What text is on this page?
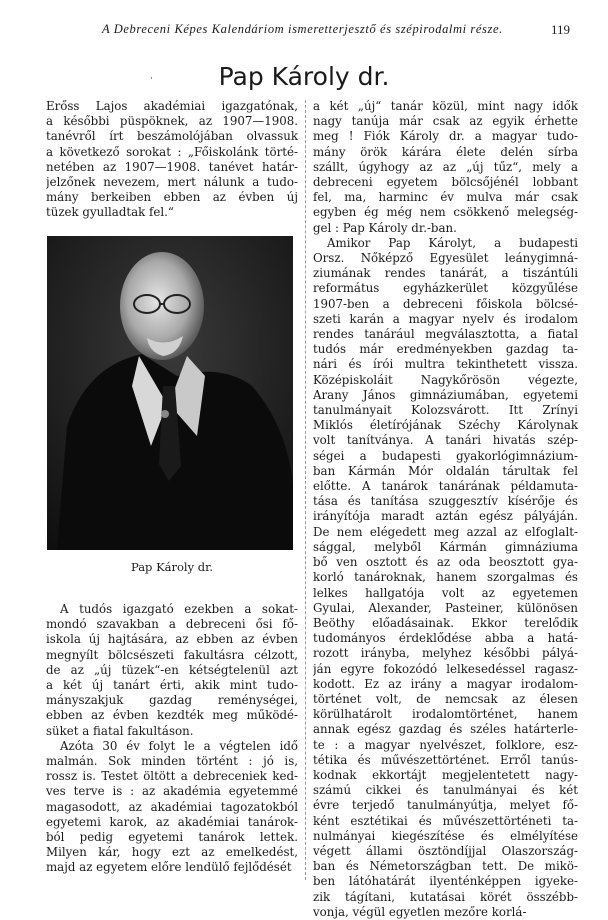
A Debreceni Képes Kalendáriom ismeretterjesztő és szépirodalmi része.	119
·	Pap Károly dr.
Erőss Lajos akadémiai igazgatónak,
a későbbi püspöknek, az 1907—1908.
tanévről írt beszámolójában olvassuk
a következő sorokat : „Főiskolánk törté-
netében az 1907—1908. tanévet határ-
jelzőnek nevezem, mert nálunk a tudo-
mány berkeiben ebben az évben új
tüzek gyulladtak fel.“
Pap Károly dr.

A tudós igazgató ezekben a sokat-
mondó szavakban a debreceni ősi fő-
iskola új hajtására, az ebben az évben
megnyílt bölcsészeti fakultásra célzott,
de az „új tüzek“-en kétségtelenül azt
a két új tanárt érti, akik mint tudo-
mányszakjuk gazdag reménységei,
ebben az évben kezdték meg működé-
süket a fiatal fakultáson.

Azóta 30 év folyt le a végtelen idő
malmán. Sok minden történt : jó is,
rossz is. Testet öltött a debreceniek ked-
ves terve is : az akadémia egyetemmé
magasodott, az akadémiai tagozatokból
egyetemi karok, az akadémiai tanárok-
ból pedig egyetemi tanárok lettek.
Milyen kár, hogy ezt az emelkedést,
majd az egyetem előre lendülő fejlődését

a két „új“ tanár közül, mint nagy idők
nagy tanúja már csak az egyik érhette
meg ! Fiók Károly dr. a magyar tudo-
mány örök kárára élete delén sírba
szállt, úgyhogy az az „új tűz“, mely a
debreceni egyetem bölcsőjénél lobbant
fel, ma, harminc év mulva már csak
egyben ég még nem csökkenő melegség-
gel : Pap Károly dr.-ban.

Amikor Pap Károlyt, a budapesti
Orsz. Nőképző Egyesület leánygimná-
ziumának rendes tanárát, a tiszántúli
református egyházkerület közgyűlése
1907-ben a debreceni főiskola bölcsé-
szeti karán a magyar nyelv és irodalom
rendes tanárául megválasztotta, a fiatal
tudós már eredményekben gazdag ta-
nári és írói multra tekinthetett vissza.
Középiskoláit Nagykőrösön végezte,
Arany János gimnáziumában, egyetemi
tanulmányait Kolozsvárott. Itt Zrínyi
Miklós életírójának Széchy Károlynak
volt tanítványa. A tanári hivatás szép-
ségei a budapesti gyakorlógimnázium-
ban Kármán Mór oldalán tárultak fel
előtte. A tanárok tanárának példamuta-
tása és tanítása szuggesztív kísérője és
irányítója maradt aztán egész pályáján.
De nem elégedett meg azzal az elfoglalt-
sággal, melyből Kármán gimnáziuma
bő ven osztott és az oda beosztott gya-
korló tanároknak, hanem szorgalmas és
lelkes hallgatója volt az egyetemen
Gyulai, Alexander, Pasteiner, különösen
Beöthy előadásainak. Ekkor terelődik
tudományos érdeklődése abba a hatá-
rozott irányba, melyhez későbbi pályá-
ján egyre fokozódó lelkesedéssel ragasz-
kodott. Ez az irány a magyar irodalom-
történet volt, de nemcsak az élesen
körülhatárolt irodalomtörténet, hanem
annak egész gazdag és széles határterle-
te : a magyar nyelvészet, folklore, esz-
tétika és művészettörténet. Erről tanús-
kodnak ekkortájt megjelentetett nagy-
számú cikkei és tanulmányai és két
évre terjedő tanulmányútja, melyet fő-
ként esztétikai és művészettörténeti ta-
nulmányai kiegészítése és elmélyítése
végett állami ösztöndíjjal Olaszország-
ban és Németországban tett. De mikö-
ben látóhatárát ilyenténképpen igyeke-
zik tágítani, kutatásai körét összébb-
vonja, végül egyetlen mezőre korlá-
